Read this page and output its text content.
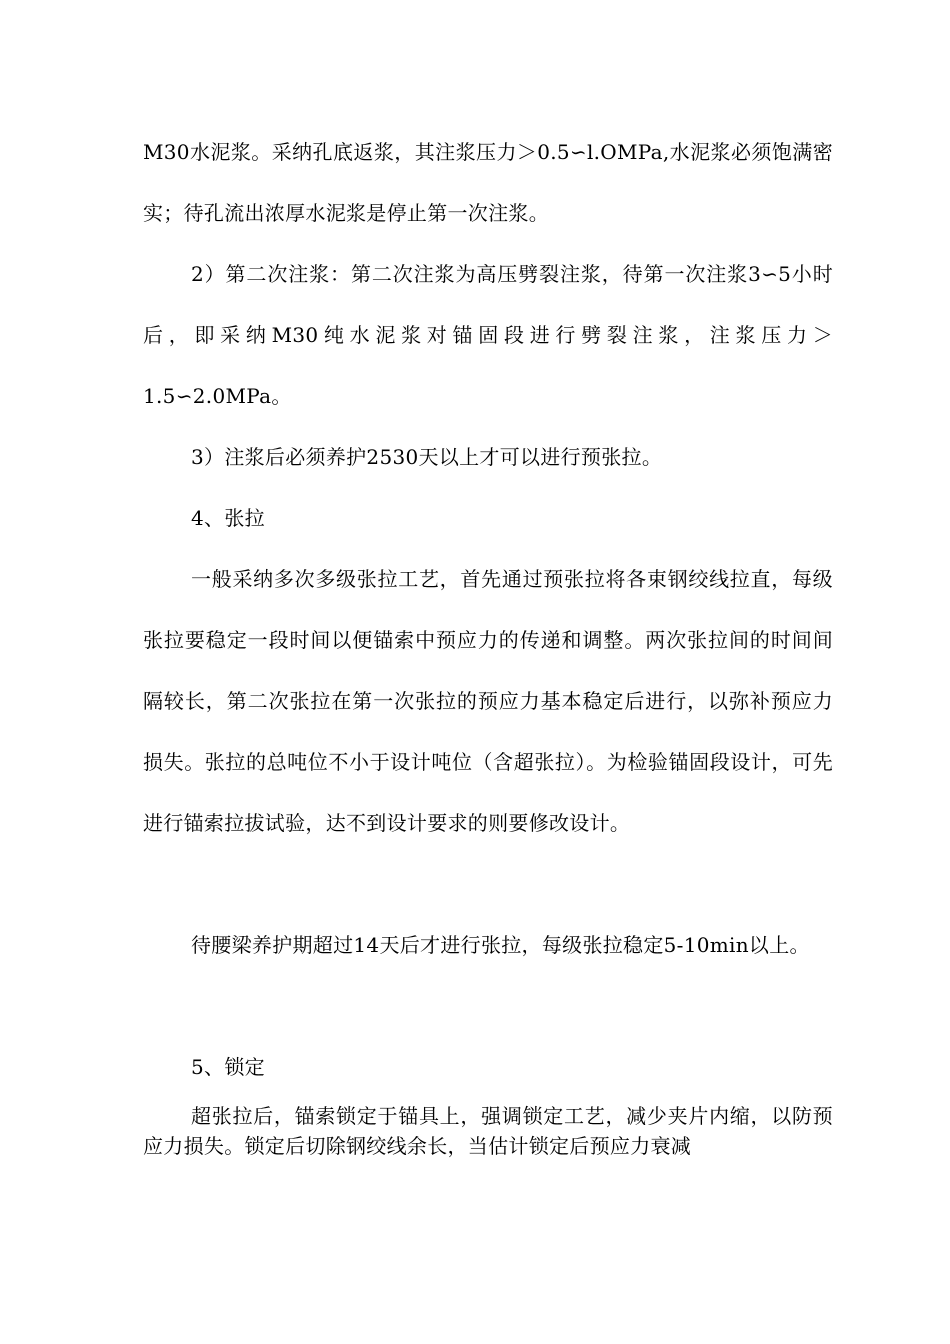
M30水泥浆。采纳孔底返浆，其注浆压力＞0.5∽l.OMPa,水泥浆必须饱满密实；待孔流出浓厚水泥浆是停止第一次注浆。

2）第二次注浆：第二次注浆为高压劈裂注浆，待第一次注浆3∽5小时后，即采纳M30纯水泥浆对锚固段进行劈裂注浆，注浆压力＞1.5∽2.0MPa。

3）注浆后必须养护2530天以上才可以进行预张拉。

4、张拉

一般采纳多次多级张拉工艺，首先通过预张拉将各束钢绞线拉直，每级张拉要稳定一段时间以便锚索中预应力的传递和调整。两次张拉间的时间间隔较长，第二次张拉在第一次张拉的预应力基本稳定后进行，以弥补预应力损失。张拉的总吨位不小于设计吨位（含超张拉）。为检验锚固段设计，可先进行锚索拉拔试验，达不到设计要求的则要修改设计。

待腰梁养护期超过14天后才进行张拉，每级张拉稳定5-10min以上。

5、锁定

超张拉后，锚索锁定于锚具上，强调锁定工艺，减少夹片内缩，以防预应力损失。锁定后切除钢绞线余长，当估计锁定后预应力衰减
